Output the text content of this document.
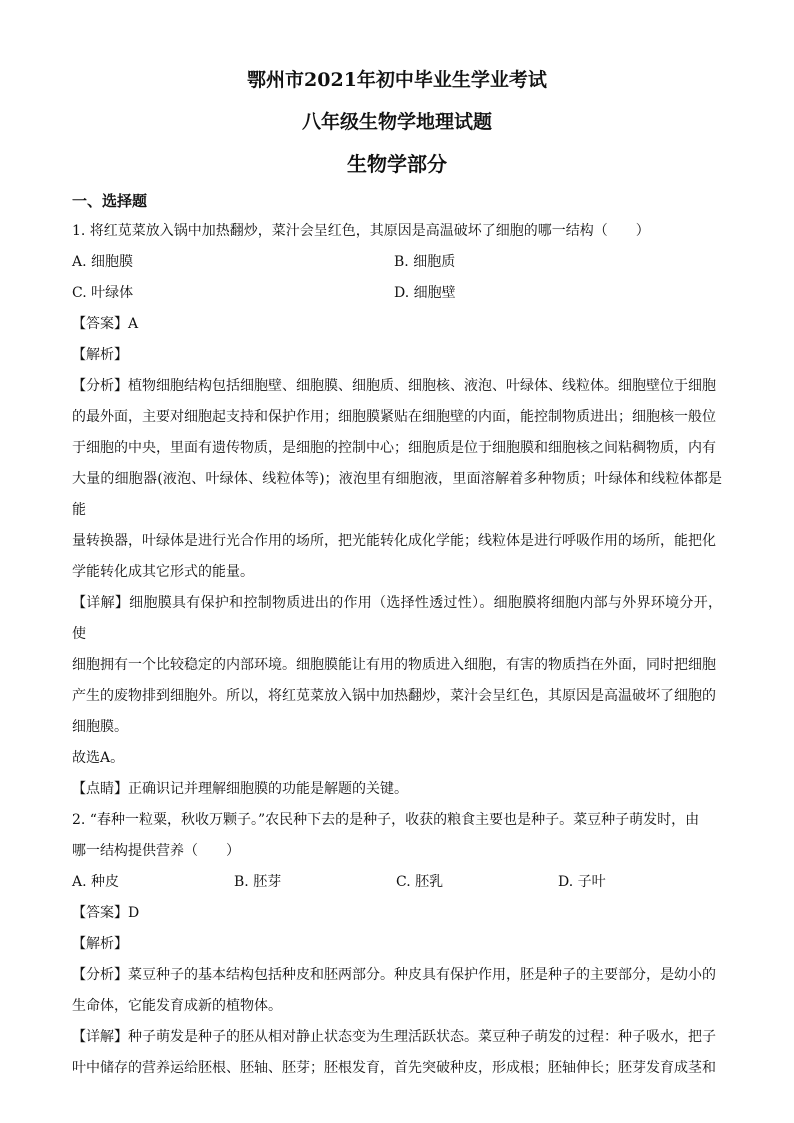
鄂州市2021年初中毕业生学业考试
八年级生物学地理试题
生物学部分
一、选择题

1. 将红苋菜放入锅中加热翻炒，菜汁会呈红色，其原因是高温破坏了细胞的哪一结构（　　）

A. 细胞膜	B. 细胞质
C. 叶绿体	D. 细胞壁

【答案】A

【解析】

【分析】植物细胞结构包括细胞壁、细胞膜、细胞质、细胞核、液泡、叶绿体、线粒体。细胞壁位于细胞

的最外面，主要对细胞起支持和保护作用；细胞膜紧贴在细胞壁的内面，能控制物质进出；细胞核一般位

于细胞的中央，里面有遗传物质，是细胞的控制中心；细胞质是位于细胞膜和细胞核之间粘稠物质，内有

大量的细胞器(液泡、叶绿体、线粒体等)；液泡里有细胞液，里面溶解着多种物质；叶绿体和线粒体都是能

量转换器，叶绿体是进行光合作用的场所，把光能转化成化学能；线粒体是进行呼吸作用的场所，能把化

学能转化成其它形式的能量。

【详解】细胞膜具有保护和控制物质进出的作用（选择性透过性）。细胞膜将细胞内部与外界环境分开，使

细胞拥有一个比较稳定的内部环境。细胞膜能让有用的物质进入细胞，有害的物质挡在外面，同时把细胞

产生的废物排到细胞外。所以，将红苋菜放入锅中加热翻炒，菜汁会呈红色，其原因是高温破坏了细胞的

细胞膜。

故选A。

【点睛】正确识记并理解细胞膜的功能是解题的关键。

2. “春种一粒粟，秋收万颗子。”农民种下去的是种子，收获的粮食主要也是种子。菜豆种子萌发时，由

哪一结构提供营养（　　）

A. 种皮	B. 胚芽	C. 胚乳	D. 子叶

【答案】D

【解析】

【分析】菜豆种子的基本结构包括种皮和胚两部分。种皮具有保护作用，胚是种子的主要部分，是幼小的

生命体，它能发育成新的植物体。

【详解】种子萌发是种子的胚从相对静止状态变为生理活跃状态。菜豆种子萌发的过程：种子吸水，把子

叶中储存的营养运给胚根、胚轴、胚芽；胚根发育，首先突破种皮，形成根；胚轴伸长；胚芽发育成茎和
